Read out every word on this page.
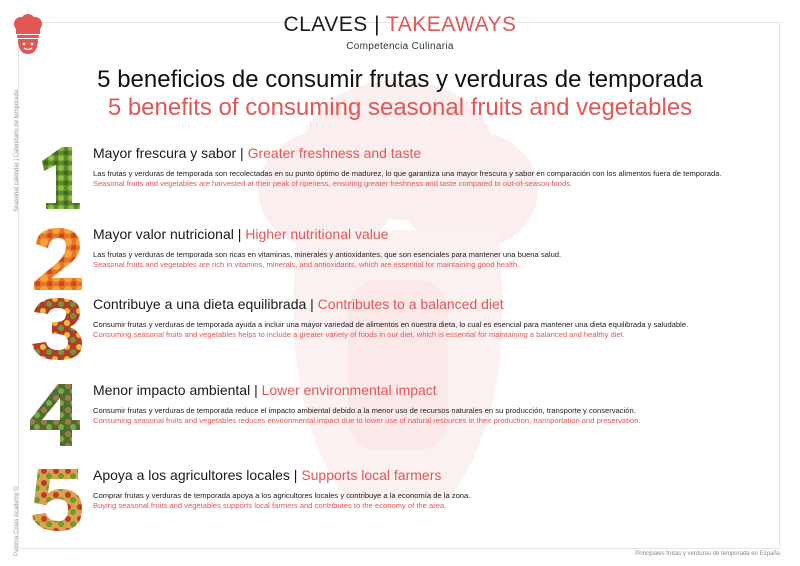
CLAVES | TAKEAWAYS
Competencia Culinaria
5 beneficios de consumir frutas y verduras de temporada
5 benefits of consuming seasonal fruits and vegetables
Seasonal calendar | Calendario de temporada
Paloma Colás Academy ©
Mayor frescura y sabor | Greater freshness and taste
Las frutas y verduras de temporada son recolectadas en su punto óptimo de madurez, lo que garantiza una mayor frescura y sabor en comparación con los alimentos fuera de temporada.
Seasonal fruits and vegetables are harvested at their peak of ripeness, ensuring greater freshness and taste compared to out-of-season foods.
Mayor valor nutricional | Higher nutritional value
Las frutas y verduras de temporada son ricas en vitaminas, minerales y antioxidantes, que son esenciales para mantener una buena salud.
Seasonal fruits and vegetables are rich in vitamins, minerals, and antioxidants, which are essential for maintaining good health.
Contribuye a una dieta equilibrada | Contributes to a balanced diet
Consumir frutas y verduras de temporada ayuda a incluir una mayor variedad de alimentos en nuestra dieta, lo cual es esencial para mantener una dieta equilibrada y saludable.
Consuming seasonal fruits and vegetables helps to include a greater variety of foods in our diet, which is essential for maintaining a balanced and healthy diet.
Menor impacto ambiental | Lower environmental impact
Consumir frutas y verduras de temporada reduce el impacto ambiental debido a la menor uso de recursos naturales en su producción, transporte y conservación.
Consuming seasonal fruits and vegetables reduces environmental impact due to lower use of natural resources in their production, transportation and preservation.
Apoya a los agricultores locales | Supports local farmers
Comprar frutas y verduras de temporada apoya a los agricultores locales y contribuye a la economía de la zona.
Buying seasonal fruits and vegetables supports local farmers and contributes to the economy of the area.
Principales frutas y verduras de temporada en España
